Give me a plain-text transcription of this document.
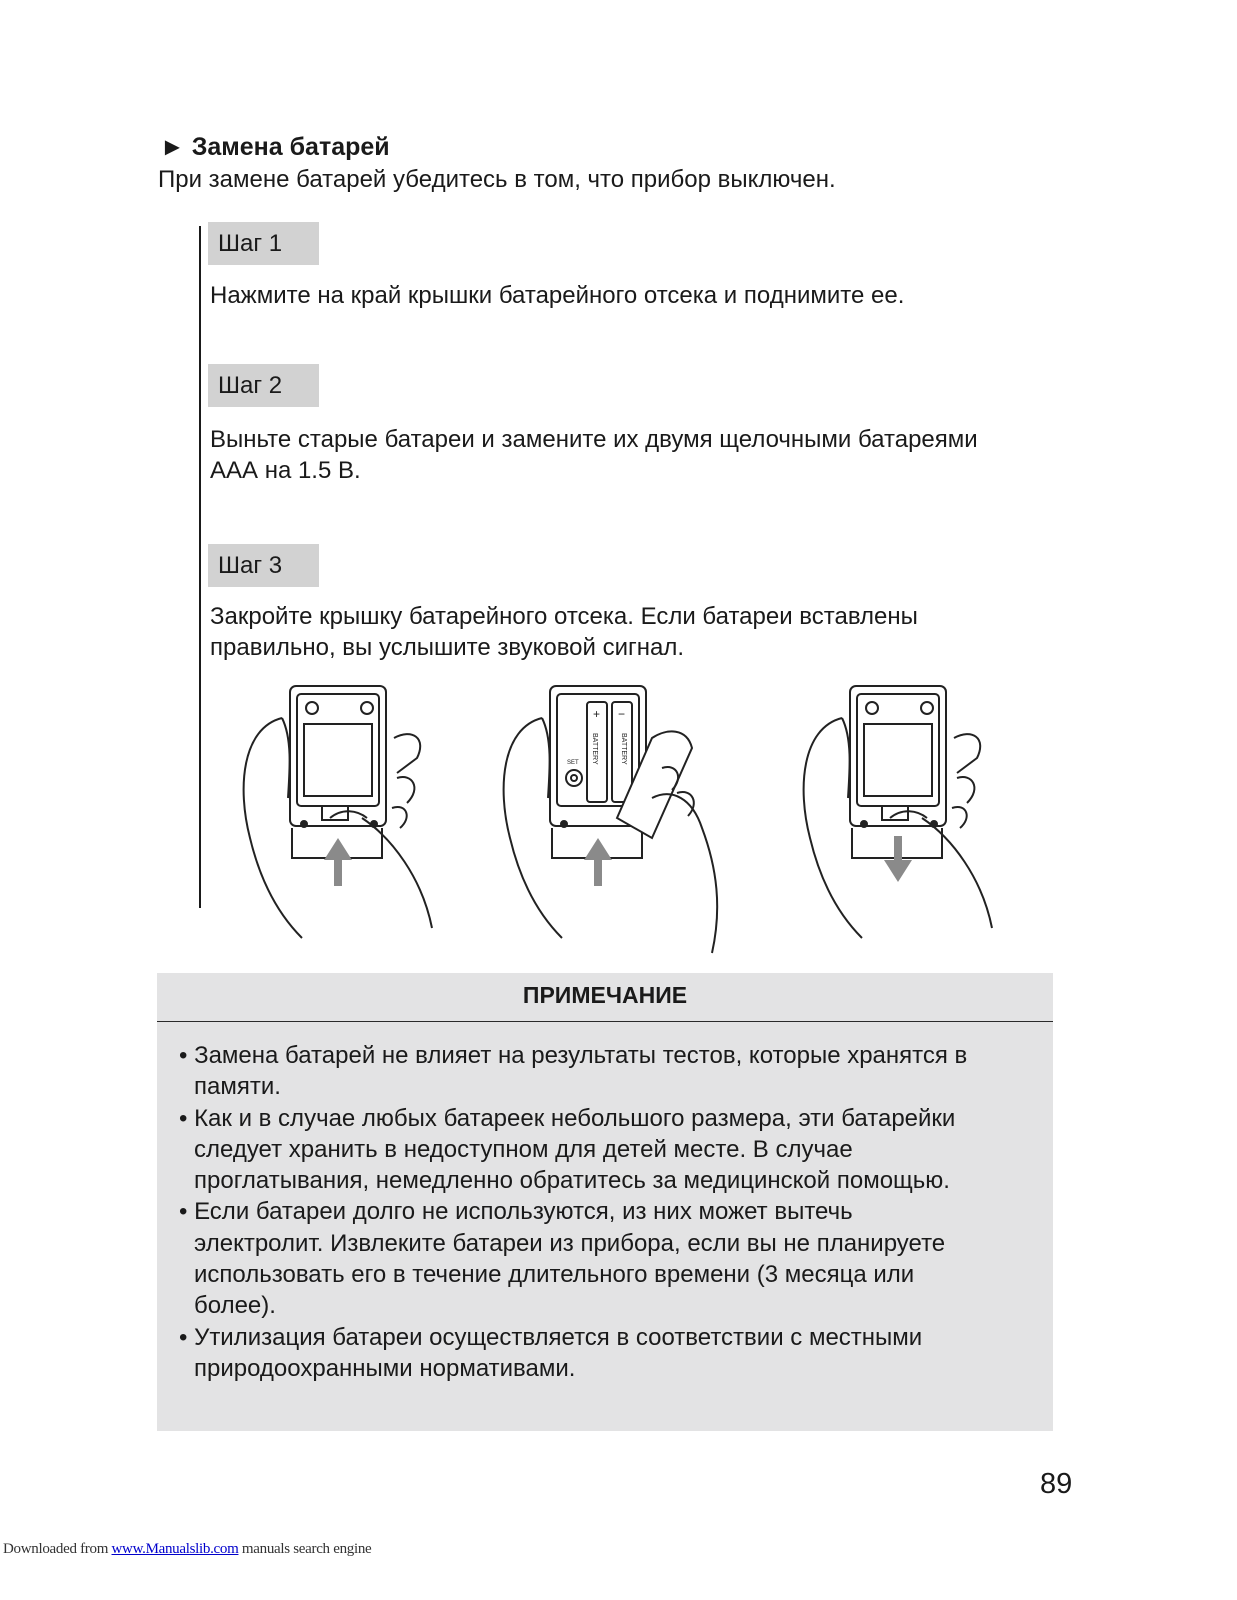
► Замена батарей
При замене батарей убедитесь в том, что прибор выключен.
Шаг 1
Нажмите на край крышки батарейного отсека и поднимите ее.
Шаг 2
Выньте старые батареи и замените их двумя щелочными батареями
ААА на 1.5 В.
Шаг 3
Закройте крышку батарейного отсека. Если батареи вставлены
правильно, вы услышите звуковой сигнал.
+ −
BATTERY	BATTERY
SET
ПРИМЕЧАНИЕ
• Замена батарей не влияет на результаты тестов, которые хранятся в
памяти.
• Как и в случае любых батареек небольшого размера, эти батарейки
следует хранить в недоступном для детей месте. В случае
проглатывания, немедленно обратитесь за медицинской помощью.
• Если батареи долго не используются, из них может вытечь
электролит. Извлеките батареи из прибора, если вы не планируете
использовать его в течение длительного времени (3 месяца или
более).
• Утилизация батареи осуществляется в соответствии с местными
природоохранными нормативами.
89
Downloaded from www.Manualslib.com manuals search engine
